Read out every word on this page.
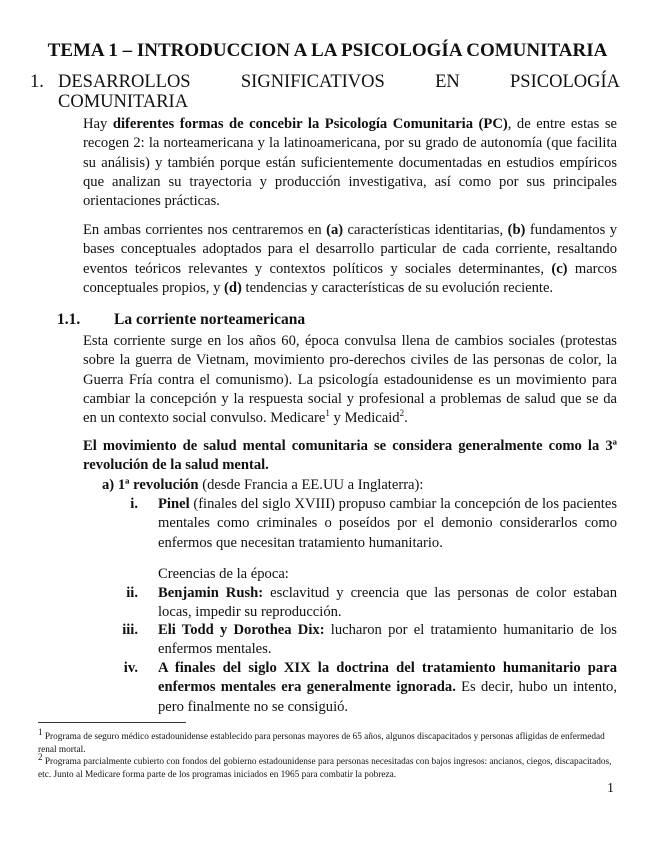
TEMA 1 – INTRODUCCION A LA PSICOLOGÍA COMUNITARIA
1. DESARROLLOS SIGNIFICATIVOS EN PSICOLOGÍA
COMUNITARIA
Hay diferentes formas de concebir la Psicología Comunitaria (PC), de entre estas se recogen 2: la norteamericana y la latinoamericana, por su grado de autonomía (que facilita su análisis) y también porque están suficientemente documentadas en estudios empíricos que analizan su trayectoria y producción investigativa, así como por sus principales orientaciones prácticas.
En ambas corrientes nos centraremos en (a) características identitarias, (b) fundamentos y bases conceptuales adoptados para el desarrollo particular de cada corriente, resaltando eventos teóricos relevantes y contextos políticos y sociales determinantes, (c) marcos conceptuales propios, y (d) tendencias y características de su evolución reciente.
1.1. La corriente norteamericana
Esta corriente surge en los años 60, época convulsa llena de cambios sociales (protestas sobre la guerra de Vietnam, movimiento pro-derechos civiles de las personas de color, la Guerra Fría contra el comunismo). La psicología estadounidense es un movimiento para cambiar la concepción y la respuesta social y profesional a problemas de salud que se da en un contexto social convulso. Medicare$^1$ y Medicaid$^2$.
El movimiento de salud mental comunitaria se considera generalmente como la 3ª revolución de la salud mental.
a) 1ª revolución (desde Francia a EE.UU a Inglaterra):
i. Pinel (finales del siglo XVIII) propuso cambiar la concepción de los pacientes mentales como criminales o poseídos por el demonio considerarlos como enfermos que necesitan tratamiento humanitario.
Creencias de la época:
ii. Benjamin Rush: esclavitud y creencia que las personas de color estaban locas, impedir su reproducción.
iii. Eli Todd y Dorothea Dix: lucharon por el tratamiento humanitario de los enfermos mentales.
iv. A finales del siglo XIX la doctrina del tratamiento humanitario para enfermos mentales era generalmente ignorada. Es decir, hubo un intento, pero finalmente no se consiguió.
$^1$ Programa de seguro médico estadounidense establecido para personas mayores de 65 años, algunos discapacitados y personas afligidas de enfermedad renal mortal.
$^2$ Programa parcialmente cubierto con fondos del gobierno estadounidense para personas necesitadas con bajos ingresos: ancianos, ciegos, discapacitados, etc. Junto al Medicare forma parte de los programas iniciados en 1965 para combatir la pobreza.
1
